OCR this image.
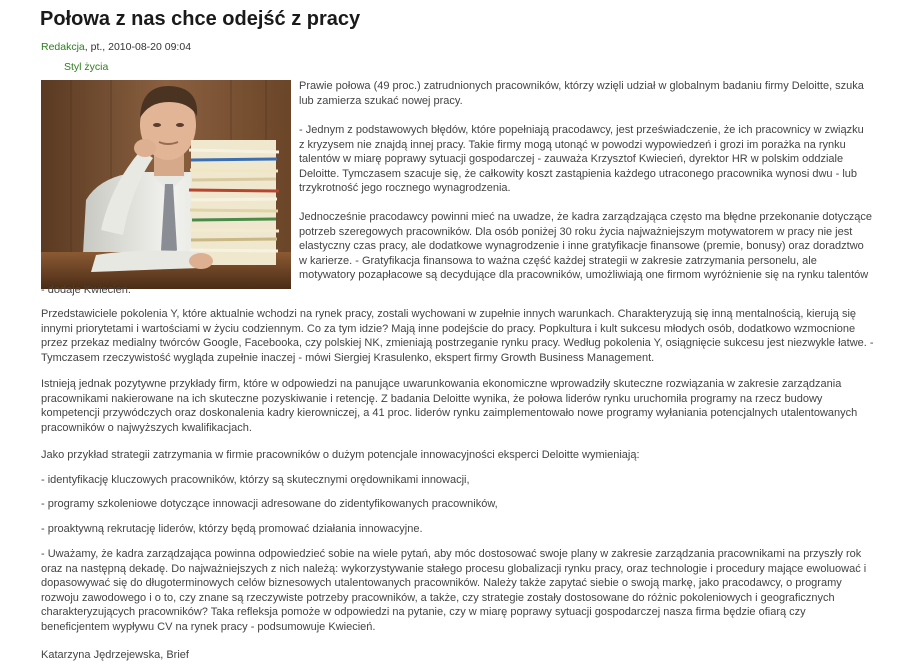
Połowa z nas chce odejść z pracy
Redakcja, pt., 2010-08-20 09:04
Styl życia
Prawie połowa (49 proc.) zatrudnionych pracowników, którzy wzięli udział w globalnym badaniu firmy Deloitte, szuka
lub zamierza szukać nowej pracy.
- Jednym z podstawowych błędów, które popełniają pracodawcy, jest przeświadczenie, że ich pracownicy w związku
z kryzysem nie znajdą innej pracy. Takie firmy mogą utonąć w powodzi wypowiedzeń i grozi im porażka na rynku
talentów w miarę poprawy sytuacji gospodarczej - zauważa Krzysztof Kwiecień, dyrektor HR w polskim oddziale
Deloitte. Tymczasem szacuje się, że całkowity koszt zastąpienia każdego utraconego pracownika wynosi dwu - lub
trzykrotność jego rocznego wynagrodzenia.
Jednocześnie pracodawcy powinni mieć na uwadze, że kadra zarządzająca często ma błędne przekonanie dotyczące
potrzeb szeregowych pracowników. Dla osób poniżej 30 roku życia najważniejszym motywatorem w pracy nie jest
elastyczny czas pracy, ale dodatkowe wynagrodzenie i inne gratyfikacje finansowe (premie, bonusy) oraz doradztwo
w karierze. - Gratyfikacja finansowa to ważna część każdej strategii w zakresie zatrzymania personelu, ale
motywatory pozapłacowe są decydujące dla pracowników, umożliwiają one firmom wyróżnienie się na rynku talentów
- dodaje Kwiecień.
Przedstawiciele pokolenia Y, które aktualnie wchodzi na rynek pracy, zostali wychowani w zupełnie innych warunkach. Charakteryzują się inną mentalnością, kierują się
innymi priorytetami i wartościami w życiu codziennym. Co za tym idzie? Mają inne podejście do pracy. Popkultura i kult sukcesu młodych osób, dodatkowo wzmocnione
przez przekaz medialny twórców Google, Facebooka, czy polskiej NK, zmieniają postrzeganie rynku pracy. Według pokolenia Y, osiągnięcie sukcesu jest niezwykle łatwe. -
Tymczasem rzeczywistość wygląda zupełnie inaczej - mówi Siergiej Krasulenko, ekspert firmy Growth Business Management.
Istnieją jednak pozytywne przykłady firm, które w odpowiedzi na panujące uwarunkowania ekonomiczne wprowadziły skuteczne rozwiązania w zakresie zarządzania
pracownikami nakierowane na ich skuteczne pozyskiwanie i retencję. Z badania Deloitte wynika, że połowa liderów rynku uruchomiła programy na rzecz budowy
kompetencji przywódczych oraz doskonalenia kadry kierowniczej, a 41 proc. liderów rynku zaimplementowało nowe programy wyłaniania potencjalnych utalentowanych
pracowników o najwyższych kwalifikacjach.
Jako przykład strategii zatrzymania w firmie pracowników o dużym potencjale innowacyjności eksperci Deloitte wymieniają:
- identyfikację kluczowych pracowników, którzy są skutecznymi orędownikami innowacji,
- programy szkoleniowe dotyczące innowacji adresowane do zidentyfikowanych pracowników,
- proaktywną rekrutację liderów, którzy będą promować działania innowacyjne.
- Uważamy, że kadra zarządzająca powinna odpowiedzieć sobie na wiele pytań, aby móc dostosować swoje plany w zakresie zarządzania pracownikami na przyszły rok
oraz na następną dekadę. Do najważniejszych z nich należą: wykorzystywanie stałego procesu globalizacji rynku pracy, oraz technologie i procedury mające ewoluować i
dopasowywać się do długoterminowych celów biznesowych utalentowanych pracowników. Należy także zapytać siebie o swoją markę, jako pracodawcy, o programy
rozwoju zawodowego i o to, czy znane są rzeczywiste potrzeby pracowników, a także, czy strategie zostały dostosowane do różnic pokoleniowych i geograficznych
charakteryzujących pracowników? Taka refleksja pomoże w odpowiedzi na pytanie, czy w miarę poprawy sytuacji gospodarczej nasza firma będzie ofiarą czy
beneficjentem wypływu CV na rynek pracy - podsumowuje Kwiecień.
Katarzyna Jędrzejewska, Brief
